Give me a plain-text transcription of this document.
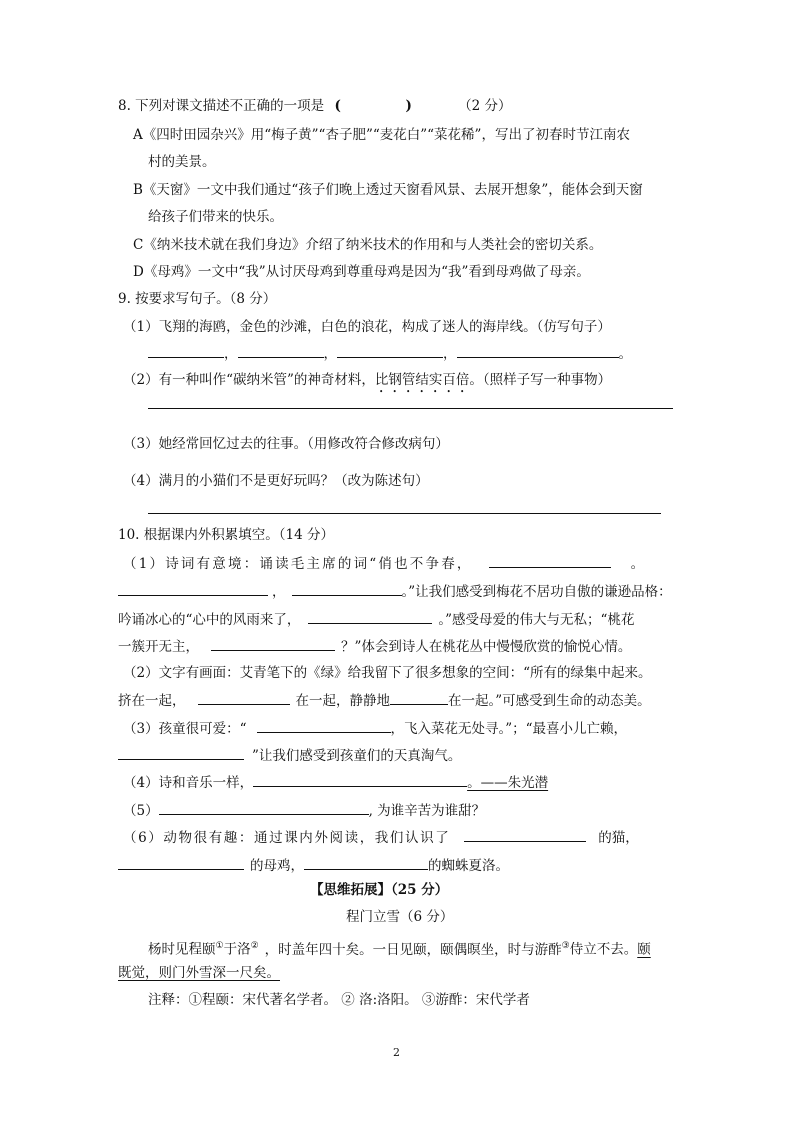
8. 下列对课文描述不正确的一项是 (	)	（2 分）
A《四时田园杂兴》用“梅子黄”“杏子肥”“麦花白”“菜花稀”，写出了初春时节江南农
村的美景。
B《天窗》一文中我们通过“孩子们晚上透过天窗看风景、去展开想象”，能体会到天窗
给孩子们带来的快乐。
C《纳米技术就在我们身边》介绍了纳米技术的作用和与人类社会的密切关系。
D《母鸡》一文中“我”从讨厌母鸡到尊重母鸡是因为“我”看到母鸡做了母亲。
9. 按要求写句子。（8 分）
（1）飞翔的海鸥，金色的沙滩，白色的浪花，构成了迷人的海岸线。（仿写句子）
，	，	，	。
（2）有一种叫作“碳纳米管”的神奇材料，比钢管结实百倍。（照样子写一种事物）
（3）她经常回忆过去的往事。（用修改符合修改病句）
（4）满月的小猫们不是更好玩吗？（改为陈述句）
10. 根据课内外积累填空。（14 分）
（1）诗词有意境：诵读毛主席的词“俏也不争春，	。
，	。”让我们感受到梅花不居功自傲的谦逊品格：
吟诵冰心的“心中的风雨来了，	。”感受母爱的伟大与无私；“桃花
一簇开无主，	？”体会到诗人在桃花丛中慢慢欣赏的愉悦心情。
（2）文字有画面：艾青笔下的《绿》给我留下了很多想象的空间：“所有的绿集中起来。
挤在一起，	在一起，静静地	在一起。”可感受到生命的动态美。
（3）孩童很可爱：“	，飞入菜花无处寻。”；“最喜小儿亡赖，
”让我们感受到孩童们的天真淘气。
（4）诗和音乐一样，	。——朱光潜
（5）	, 为谁辛苦为谁甜？
（6）动物很有趣：通过课内外阅读，我们认识了	的猫，
的母鸡，	的蜘蛛夏洛。
【思维拓展】（25 分）
程门立雪（6 分）
杨时见程颐①于洛② ，时盖年四十矣。一日见颐，颐偶暝坐，时与游酢③侍立不去。颐
既觉，则门外雪深一尺矣。
注释：①程颐：宋代著名学者。 ② 洛:洛阳。 ③游酢：宋代学者
2
